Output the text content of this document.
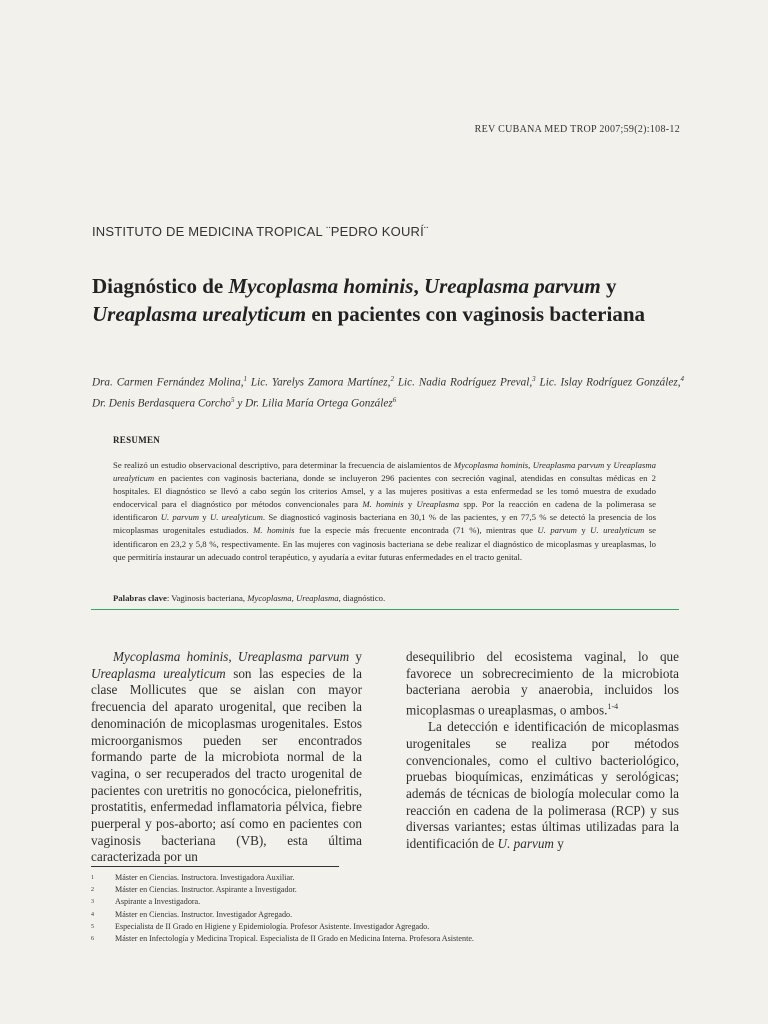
REV CUBANA MED TROP 2007;59(2):108-12
INSTITUTO DE MEDICINA TROPICAL ¨PEDRO KOURÍ¨
Diagnóstico de Mycoplasma hominis, Ureaplasma parvum y Ureaplasma urealyticum en pacientes con vaginosis bacteriana
Dra. Carmen Fernández Molina,$^1$ Lic. Yarelys Zamora Martínez,$^2$ Lic. Nadia Rodríguez Preval,$^3$ Lic. Islay Rodríguez González,$^4$ Dr. Denis Berdasquera Corcho$^5$ y Dr. Lilia María Ortega González$^6$
RESUMEN
Se realizó un estudio observacional descriptivo, para determinar la frecuencia de aislamientos de Mycoplasma hominis, Ureaplasma parvum y Ureaplasma urealyticum en pacientes con vaginosis bacteriana, donde se incluyeron 296 pacientes con secreción vaginal, atendidas en consultas médicas en 2 hospitales. El diagnóstico se llevó a cabo según los criterios Amsel, y a las mujeres positivas a esta enfermedad se les tomó muestra de exudado endocervical para el diagnóstico por métodos convencionales para M. hominis y Ureaplasma spp. Por la reacción en cadena de la polimerasa se identificaron U. parvum y U. urealyticum. Se diagnosticó vaginosis bacteriana en 30,1 % de las pacientes, y en 77,5 % se detectó la presencia de los micoplasmas urogenitales estudiados. M. hominis fue la especie más frecuente encontrada (71 %), mientras que U. parvum y U. urealyticum se identificaron en 23,2 y 5,8 %, respectivamente. En las mujeres con vaginosis bacteriana se debe realizar el diagnóstico de micoplasmas y ureaplasmas, lo que permitiría instaurar un adecuado control terapéutico, y ayudaría a evitar futuras enfermedades en el tracto genital.
Palabras clave: Vaginosis bacteriana, Mycoplasma, Ureaplasma, diagnóstico.

Mycoplasma hominis, Ureaplasma parvum y Ureaplasma urealyticum son las especies de la clase Mollicutes que se aislan con mayor frecuencia del aparato urogenital, que reciben la denominación de micoplasmas urogenitales. Estos microorganismos pueden ser encontrados formando parte de la microbiota normal de la vagina, o ser recuperados del tracto urogenital de pacientes con uretritis no gonocócica, pielonefritis, prostatitis, enfermedad inflamatoria pélvica, fiebre puerperal y pos-aborto; así como en pacientes con vaginosis bacteriana (VB), esta última caracterizada por un

desequilibrio del ecosistema vaginal, lo que favorece un sobrecrecimiento de la microbiota bacteriana aerobia y anaerobia, incluidos los micoplasmas o ureaplasmas, o ambos.$^{1-4}$

La detección e identificación de micoplasmas urogenitales se realiza por métodos convencionales, como el cultivo bacteriológico, pruebas bioquímicas, enzimáticas y serológicas; además de técnicas de biología molecular como la reacción en cadena de la polimerasa (RCP) y sus diversas variantes; estas últimas utilizadas para la identificación de U. parvum y

1	Máster en Ciencias. Instructora. Investigadora Auxiliar.
2	Máster en Ciencias. Instructor. Aspirante a Investigador.
3	Aspirante a Investigadora.
4	Máster en Ciencias. Instructor. Investigador Agregado.
5	Especialista de II Grado en Higiene y Epidemiología. Profesor Asistente. Investigador Agregado.
6	Máster en Infectología y Medicina Tropical. Especialista de II Grado en Medicina Interna. Profesora Asistente.
